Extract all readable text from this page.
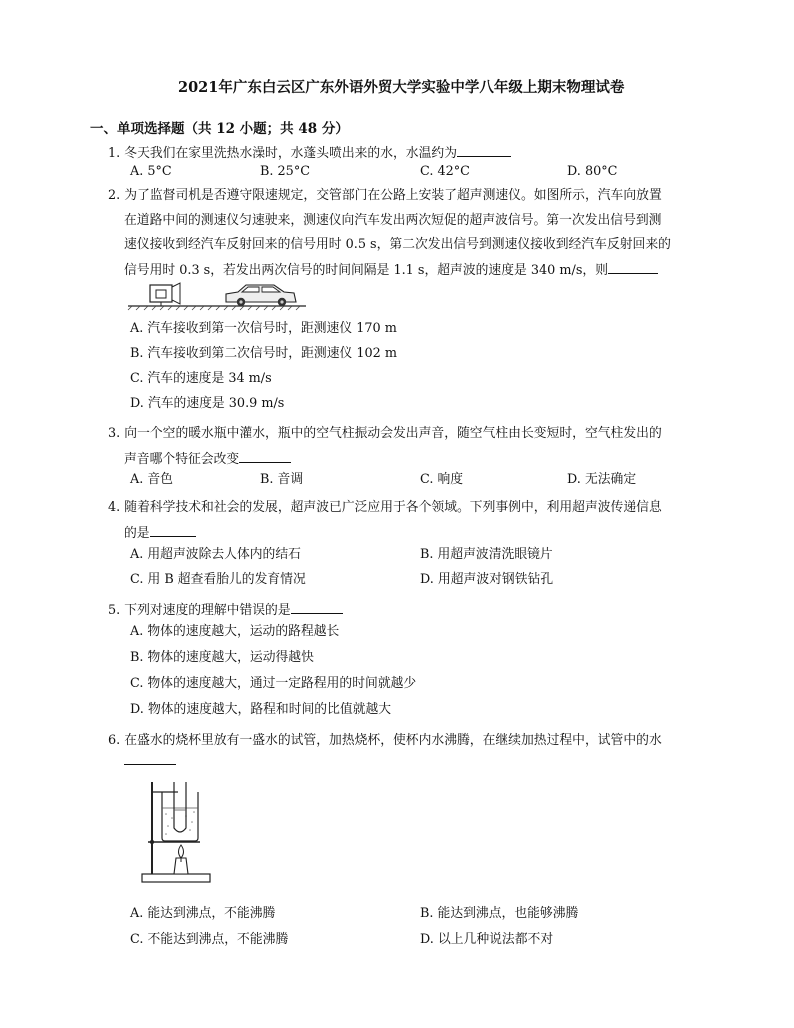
2021年广东白云区广东外语外贸大学实验中学八年级上期末物理试卷
一、单项选择题（共 12 小题；共 48 分）
1. 冬天我们在家里洗热水澡时，水蓬头喷出来的水，水温约为
A. 5°C	B. 25°C	C. 42°C	D. 80°C
2. 为了监督司机是否遵守限速规定，交管部门在公路上安装了超声测速仪。如图所示，汽车向放置
在道路中间的测速仪匀速驶来，测速仪向汽车发出两次短促的超声波信号。第一次发出信号到测
速仪接收到经汽车反射回来的信号用时 0.5 s，第二次发出信号到测速仪接收到经汽车反射回来的
信号用时 0.3 s，若发出两次信号的时间间隔是 1.1 s，超声波的速度是 340 m/s，则
A. 汽车接收到第一次信号时，距测速仪 170 m
B. 汽车接收到第二次信号时，距测速仪 102 m
C. 汽车的速度是 34 m/s
D. 汽车的速度是 30.9 m/s
3. 向一个空的暖水瓶中灌水，瓶中的空气柱振动会发出声音，随空气柱由长变短时，空气柱发出的
声音哪个特征会改变
A. 音色	B. 音调	C. 响度	D. 无法确定
4. 随着科学技术和社会的发展，超声波已广泛应用于各个领域。下列事例中，利用超声波传递信息
的是
A. 用超声波除去人体内的结石	B. 用超声波清洗眼镜片
C. 用 B 超查看胎儿的发育情况	D. 用超声波对钢铁钻孔
5. 下列对速度的理解中错误的是
A. 物体的速度越大，运动的路程越长
B. 物体的速度越大，运动得越快
C. 物体的速度越大，通过一定路程用的时间就越少
D. 物体的速度越大，路程和时间的比值就越大
6. 在盛水的烧杯里放有一盛水的试管，加热烧杯，使杯内水沸腾，在继续加热过程中，试管中的水
A. 能达到沸点，不能沸腾	B. 能达到沸点，也能够沸腾
C. 不能达到沸点，不能沸腾	D. 以上几种说法都不对
